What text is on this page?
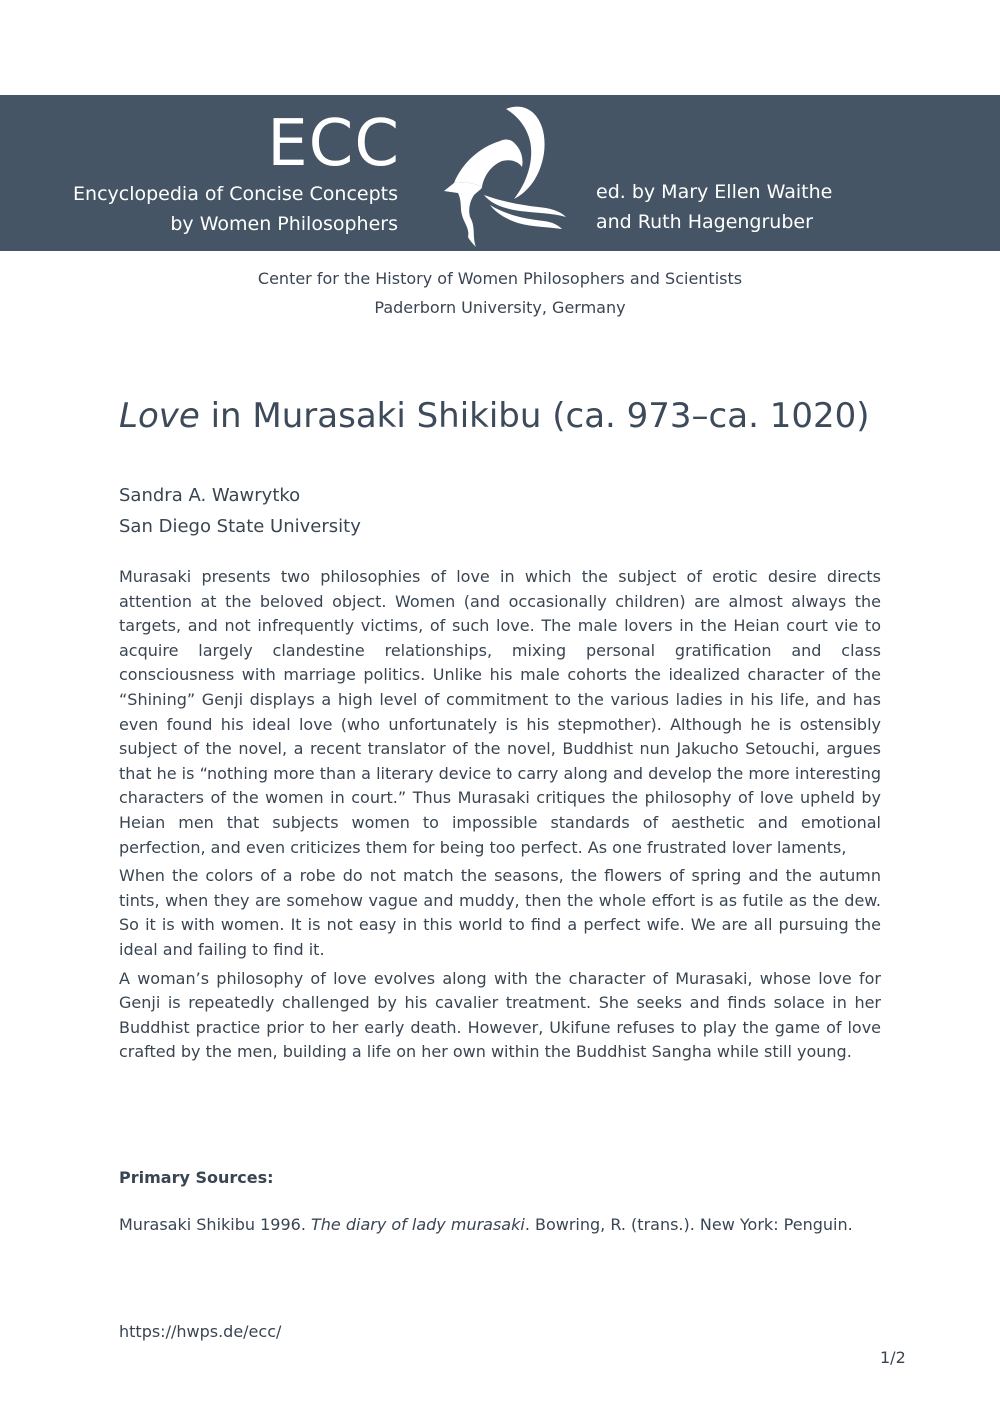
ECC
Encyclopedia of Concise Concepts
by Women Philosophers
ed. by Mary Ellen Waithe
and Ruth Hagengruber
Center for the History of Women Philosophers and Scientists
Paderborn University, Germany
Love in Murasaki Shikibu (ca. 973–ca. 1020)
Sandra A. Wawrytko
San Diego State University

Murasaki presents two philosophies of love in which the subject of erotic desire directs attention at the beloved object. Women (and occasionally children) are almost always the targets, and not infrequently victims, of such love. The male lovers in the Heian court vie to acquire largely clandestine relationships, mixing personal gratification and class consciousness with marriage politics. Unlike his male cohorts the idealized character of the “Shining” Genji displays a high level of commitment to the various ladies in his life, and has even found his ideal love (who unfortunately is his stepmother). Although he is ostensibly subject of the novel, a recent translator of the novel, Buddhist nun Jakucho Setouchi, argues that he is “nothing more than a literary device to carry along and develop the more interesting characters of the women in court.” Thus Murasaki critiques the philosophy of love upheld by Heian men that subjects women to impossible standards of aesthetic and emotional perfection, and even criticizes them for being too perfect. As one frustrated lover laments,

When the colors of a robe do not match the seasons, the flowers of spring and the autumn tints, when they are somehow vague and muddy, then the whole effort is as futile as the dew. So it is with women. It is not easy in this world to find a perfect wife. We are all pursuing the ideal and failing to find it.

A woman’s philosophy of love evolves along with the character of Murasaki, whose love for Genji is repeatedly challenged by his cavalier treatment. She seeks and finds solace in her Buddhist practice prior to her early death. However, Ukifune refuses to play the game of love crafted by the men, building a life on her own within the Buddhist Sangha while still young.

Primary Sources:
Murasaki Shikibu 1996. The diary of lady murasaki. Bowring, R. (trans.). New York: Penguin.
https://hwps.de/ecc/
1/2
